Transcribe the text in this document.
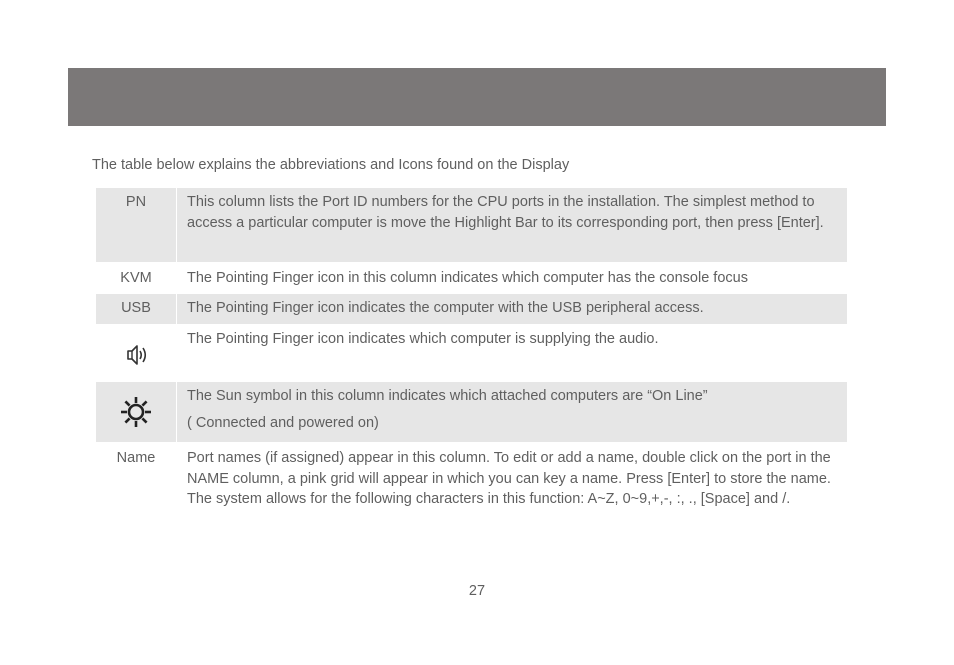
The table below explains the abbreviations and Icons found on the Display
PN	This column lists the Port ID numbers for the CPU ports in the installation. The simplest method to access a particular computer is move the Highlight Bar to its corresponding port, then press [Enter].
KVM	The Pointing Finger icon in this column indicates which computer has the console focus
USB	The Pointing Finger icon indicates the computer with the USB peripheral access.
	The Pointing Finger icon indicates which computer is supplying the audio.
	The Sun symbol in this column indicates which attached computers are “On Line”
( Connected and powered on)

Name	Port names (if assigned) appear in this column. To edit or add a name, double click on the port in the NAME column, a pink grid will appear in which you can key a name. Press [Enter] to store the name. The system allows for the following characters in this function: A~Z, 0~9,+,-, :, ., [Space] and /.
27
